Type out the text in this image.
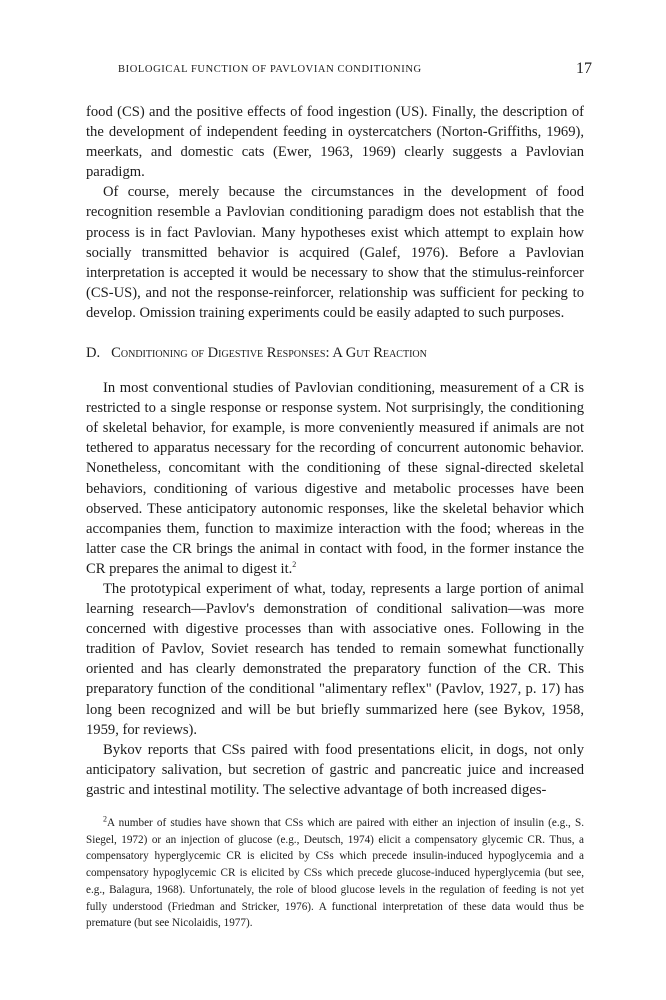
BIOLOGICAL FUNCTION OF PAVLOVIAN CONDITIONING	17

food (CS) and the positive effects of food ingestion (US). Finally, the description of the development of independent feeding in oystercatchers (Norton-Griffiths, 1969), meerkats, and domestic cats (Ewer, 1963, 1969) clearly suggests a Pavlovian paradigm.

Of course, merely because the circumstances in the development of food recognition resemble a Pavlovian conditioning paradigm does not establish that the process is in fact Pavlovian. Many hypotheses exist which attempt to explain how socially transmitted behavior is acquired (Galef, 1976). Before a Pavlovian interpretation is accepted it would be necessary to show that the stimulus-reinforcer (CS-US), and not the response-reinforcer, relationship was sufficient for pecking to develop. Omission training experiments could be easily adapted to such purposes.

D. Conditioning of Digestive Responses: A Gut Reaction

In most conventional studies of Pavlovian conditioning, measurement of a CR is restricted to a single response or response system. Not surprisingly, the conditioning of skeletal behavior, for example, is more conveniently measured if animals are not tethered to apparatus necessary for the recording of concurrent autonomic behavior. Nonetheless, concomitant with the conditioning of these signal-directed skeletal behaviors, conditioning of various digestive and metabolic processes have been observed. These anticipatory autonomic responses, like the skeletal behavior which accompanies them, function to maximize interaction with the food; whereas in the latter case the CR brings the animal in contact with food, in the former instance the CR prepares the animal to digest it.$^2$

The prototypical experiment of what, today, represents a large portion of animal learning research—Pavlov's demonstration of conditional salivation—was more concerned with digestive processes than with associative ones. Following in the tradition of Pavlov, Soviet research has tended to remain somewhat functionally oriented and has clearly demonstrated the preparatory function of the CR. This preparatory function of the conditional "alimentary reflex" (Pavlov, 1927, p. 17) has long been recognized and will be but briefly summarized here (see Bykov, 1958, 1959, for reviews).

Bykov reports that CSs paired with food presentations elicit, in dogs, not only anticipatory salivation, but secretion of gastric and pancreatic juice and increased gastric and intestinal motility. The selective advantage of both increased diges-

$^2$A number of studies have shown that CSs which are paired with either an injection of insulin (e.g., S. Siegel, 1972) or an injection of glucose (e.g., Deutsch, 1974) elicit a compensatory glycemic CR. Thus, a compensatory hyperglycemic CR is elicited by CSs which precede insulin-induced hypoglycemia and a compensatory hypoglycemic CR is elicited by CSs which precede glucose-induced hyperglycemia (but see, e.g., Balagura, 1968). Unfortunately, the role of blood glucose levels in the regulation of feeding is not yet fully understood (Friedman and Stricker, 1976). A functional interpretation of these data would thus be premature (but see Nicolaidis, 1977).
